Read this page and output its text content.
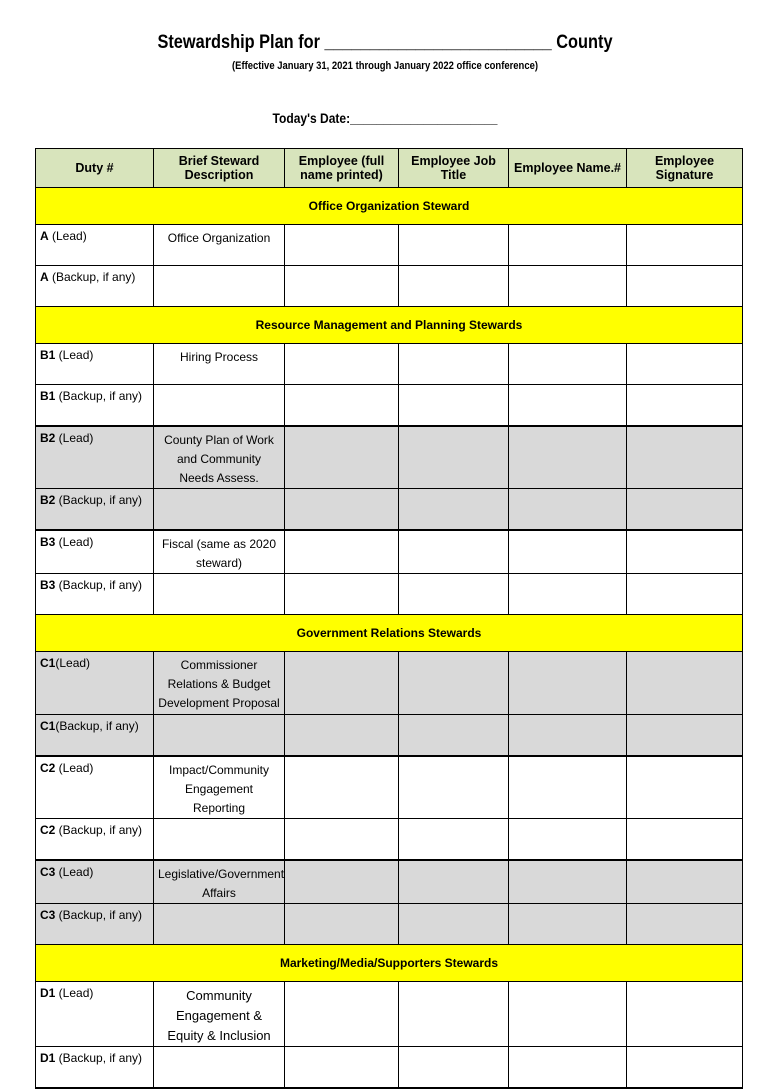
Stewardship Plan for _________________________ County
(Effective January 31, 2021 through January 2022 office conference)
Today's Date:______________________
Duty #	Brief Steward Description	Employee (full name printed)	Employee Job Title	Employee Name.#	Employee Signature
Office Organization Steward					
A (Lead)	Office Organization				
A (Backup, if any)					
Resource Management and Planning Stewards					
B1 (Lead)	Hiring Process				
B1 (Backup, if any)					
B2 (Lead)	County Plan of Work and Community Needs Assess.				
B2 (Backup, if any)					
B3 (Lead)	Fiscal (same as 2020 steward)				
B3 (Backup, if any)					
Government Relations Stewards					
C1(Lead)	Commissioner Relations & Budget Development Proposal				
C1(Backup, if any)					
C2 (Lead)	Impact/Community Engagement Reporting				
C2 (Backup, if any)					
C3 (Lead)	Legislative/Government Affairs				
C3 (Backup, if any)					
Marketing/Media/Supporters Stewards					
D1 (Lead)	Community Engagement & Equity & Inclusion				
D1 (Backup, if any)					
